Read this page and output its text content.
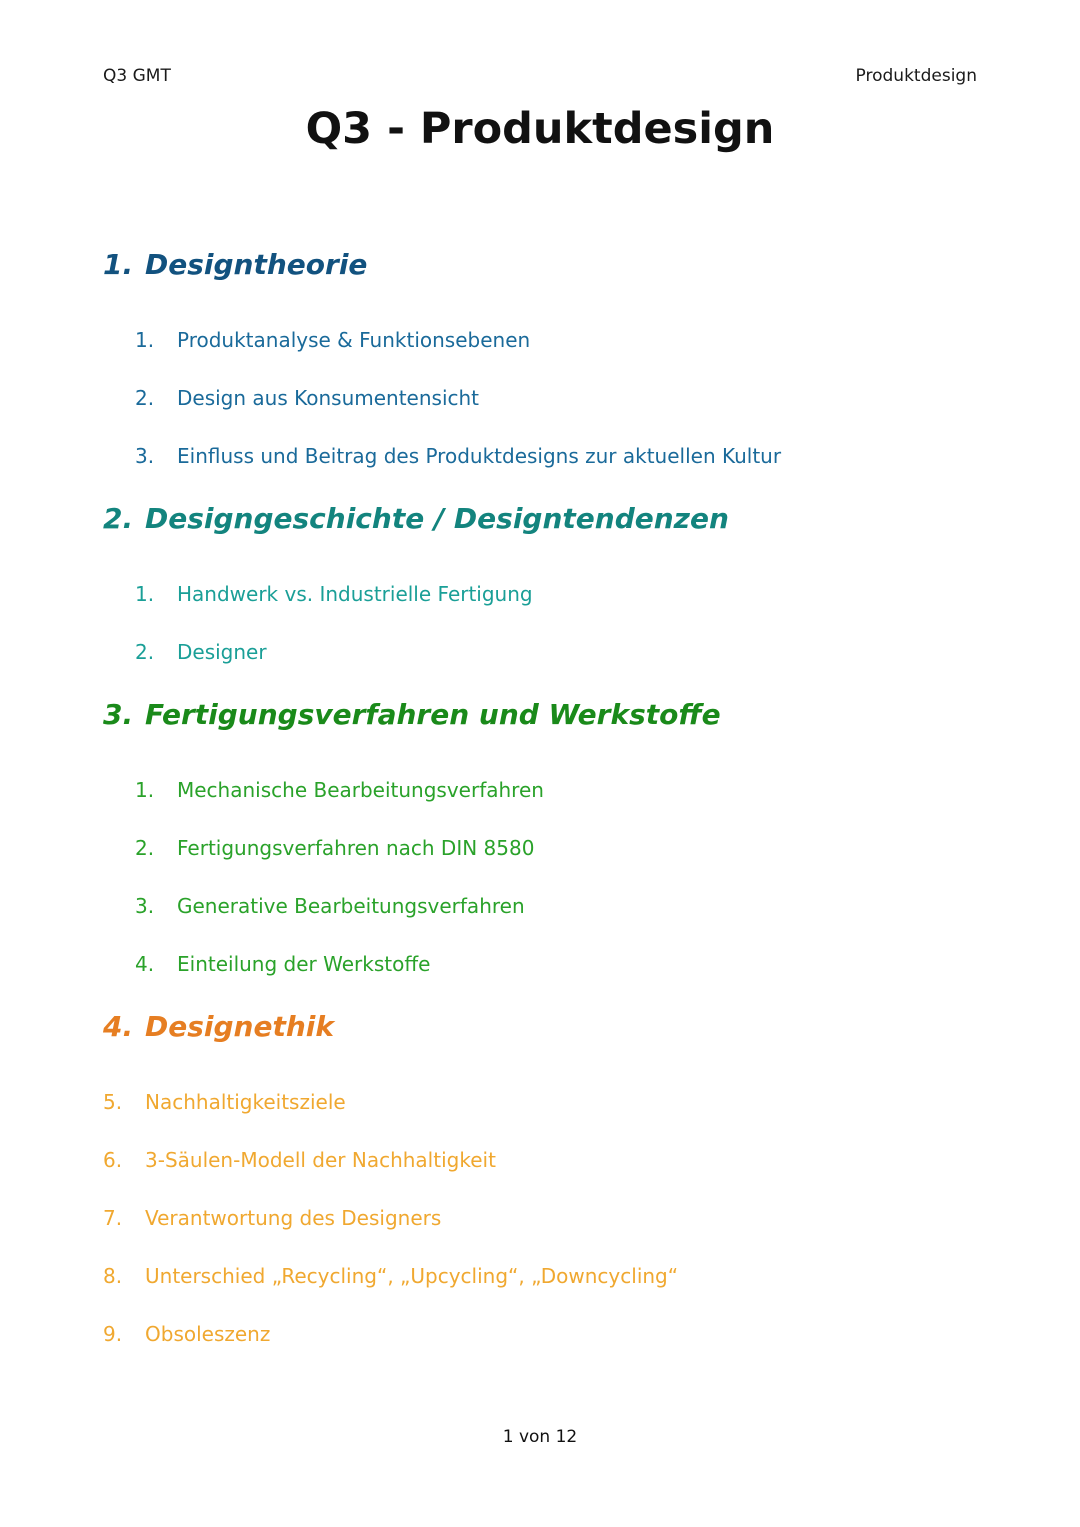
Q3 GMT	Produktdesign
Q3 - Produktdesign
1. Designtheorie
1. Produktanalyse & Funktionsebenen
2. Design aus Konsumentensicht
3. Einfluss und Beitrag des Produktdesigns zur aktuellen Kultur
2. Designgeschichte / Designtendenzen
1. Handwerk vs. Industrielle Fertigung
2. Designer
3. Fertigungsverfahren und Werkstoffe
1. Mechanische Bearbeitungsverfahren
2. Fertigungsverfahren nach DIN 8580
3. Generative Bearbeitungsverfahren
4. Einteilung der Werkstoffe
4. Designethik
5. Nachhaltigkeitsziele
6. 3-Säulen-Modell der Nachhaltigkeit
7. Verantwortung des Designers
8. Unterschied „Recycling“, „Upcycling“, „Downcycling“
9. Obsoleszenz
1 von 12
